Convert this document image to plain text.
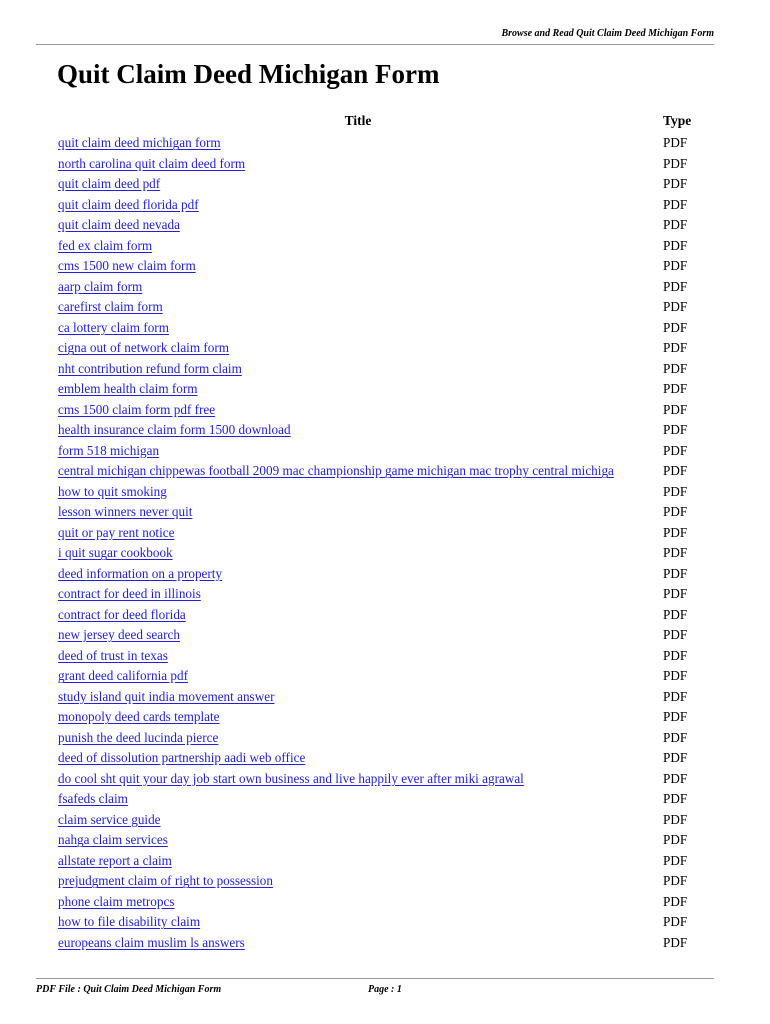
Browse and Read Quit Claim Deed Michigan Form
Quit Claim Deed Michigan Form
Title	Type
quit claim deed michigan form	PDF
north carolina quit claim deed form	PDF
quit claim deed pdf	PDF
quit claim deed florida pdf	PDF
quit claim deed nevada	PDF
fed ex claim form	PDF
cms 1500 new claim form	PDF
aarp claim form	PDF
carefirst claim form	PDF
ca lottery claim form	PDF
cigna out of network claim form	PDF
nht contribution refund form claim	PDF
emblem health claim form	PDF
cms 1500 claim form pdf free	PDF
health insurance claim form 1500 download	PDF
form 518 michigan	PDF
central michigan chippewas football 2009 mac championship game michigan mac trophy central michiga	PDF
how to quit smoking	PDF
lesson winners never quit	PDF
quit or pay rent notice	PDF
i quit sugar cookbook	PDF
deed information on a property	PDF
contract for deed in illinois	PDF
contract for deed florida	PDF
new jersey deed search	PDF
deed of trust in texas	PDF
grant deed california pdf	PDF
study island quit india movement answer	PDF
monopoly deed cards template	PDF
punish the deed lucinda pierce	PDF
deed of dissolution partnership aadi web office	PDF
do cool sht quit your day job start own business and live happily ever after miki agrawal	PDF
fsafeds claim	PDF
claim service guide	PDF
nahga claim services	PDF
allstate report a claim	PDF
prejudgment claim of right to possession	PDF
phone claim metropcs	PDF
how to file disability claim	PDF
europeans claim muslim ls answers	PDF
PDF File : Quit Claim Deed Michigan Form	Page : 1
